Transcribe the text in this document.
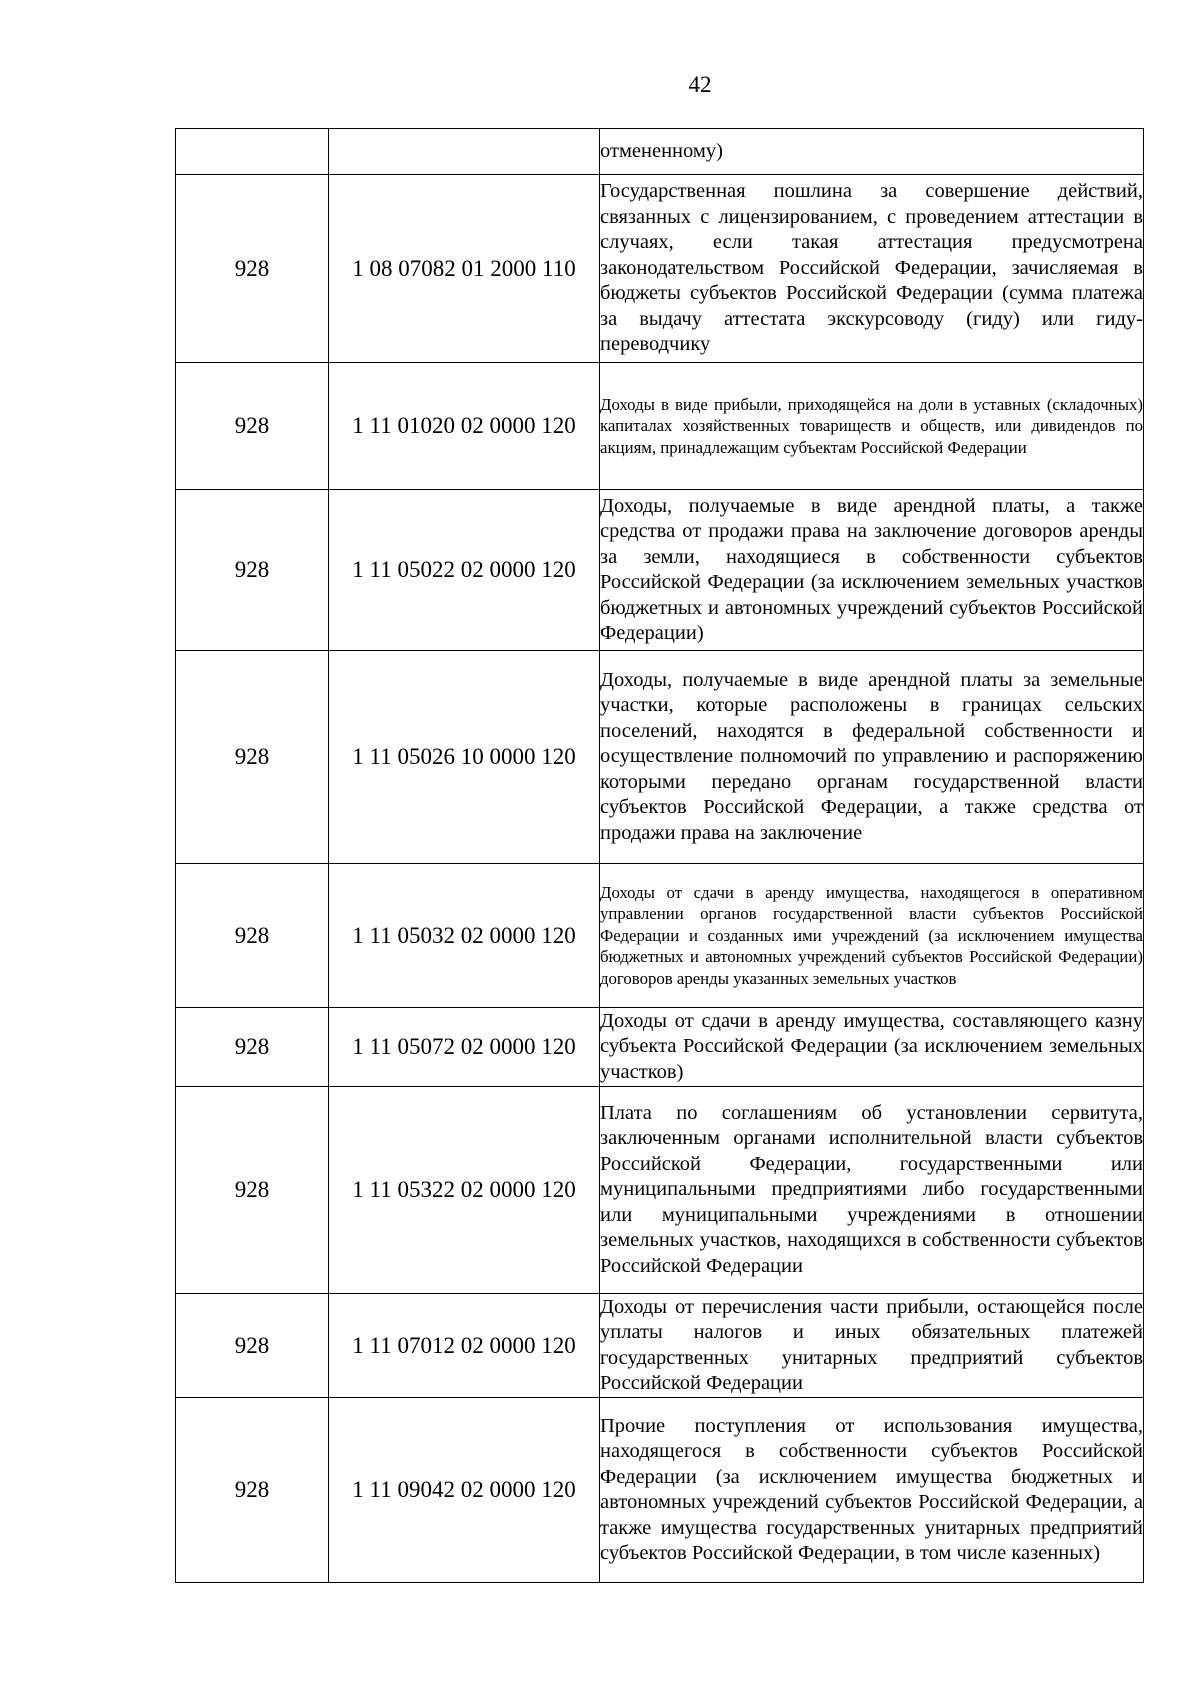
42
		отмененному)
928	1 08 07082 01 2000 110	Государственная пошлина за совершение действий, связанных с лицензированием, с проведением аттестации в случаях, если такая аттестация предусмотрена законодательством Российской Федерации, зачисляемая в бюджеты субъектов Российской Федерации (сумма платежа за выдачу аттестата экскурсоводу (гиду) или гиду-переводчику
928	1 11 01020 02 0000 120	Доходы в виде прибыли, приходящейся на доли в уставных (складочных) капиталах хозяйственных товариществ и обществ, или дивидендов по акциям, принадлежащим субъектам Российской Федерации
928	1 11 05022 02 0000 120	Доходы, получаемые в виде арендной платы, а также средства от продажи права на заключение договоров аренды за земли, находящиеся в собственности субъектов Российской Федерации (за исключением земельных участков бюджетных и автономных учреждений субъектов Российской Федерации)
928	1 11 05026 10 0000 120	Доходы, получаемые в виде арендной платы за земельные участки, которые расположены в границах сельских поселений, находятся в федеральной собственности и осуществление полномочий по управлению и распоряжению которыми передано органам государственной власти субъектов Российской Федерации, а также средства от продажи права на заключение
928	1 11 05032 02 0000 120	Доходы от сдачи в аренду имущества, находящегося в оперативном управлении органов государственной власти субъектов Российской Федерации и созданных ими учреждений (за исключением имущества бюджетных и автономных учреждений субъектов Российской Федерации) договоров аренды указанных земельных участков
928	1 11 05072 02 0000 120	Доходы от сдачи в аренду имущества, составляющего казну субъекта Российской Федерации (за исключением земельных участков)
928	1 11 05322 02 0000 120	Плата по соглашениям об установлении сервитута, заключенным органами исполнительной власти субъектов Российской Федерации, государственными или муниципальными предприятиями либо государственными или муниципальными учреждениями в отношении земельных участков, находящихся в собственности субъектов Российской Федерации
928	1 11 07012 02 0000 120	Доходы от перечисления части прибыли, остающейся после уплаты налогов и иных обязательных платежей государственных унитарных предприятий субъектов Российской Федерации
928	1 11 09042 02 0000 120	Прочие поступления от использования имущества, находящегося в собственности субъектов Российской Федерации (за исключением имущества бюджетных и автономных учреждений субъектов Российской Федерации, а также имущества государственных унитарных предприятий субъектов Российской Федерации, в том числе казенных)
